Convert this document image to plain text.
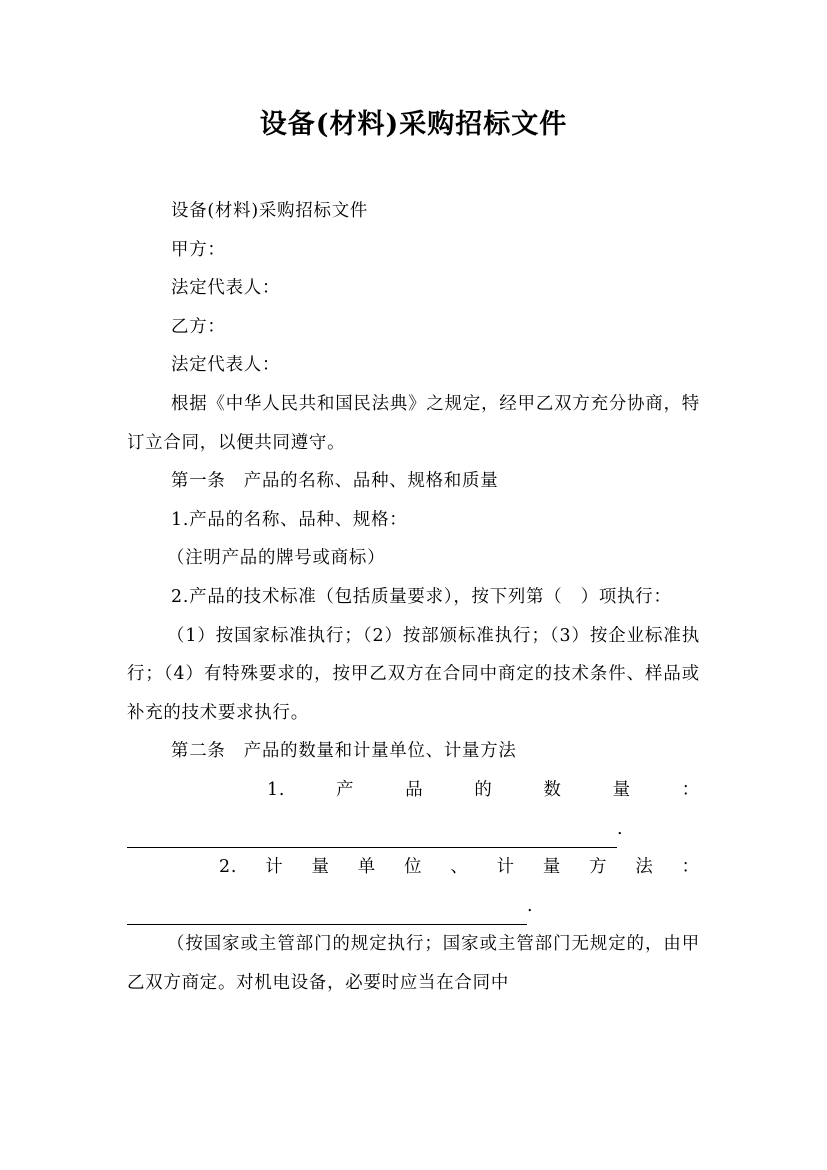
设备(材料)采购招标文件

设备(材料)采购招标文件

甲方：

法定代表人：

乙方：

法定代表人：

根据《中华人民共和国民法典》之规定，经甲乙双方充分协商，特订立合同，以便共同遵守。

第一条　产品的名称、品种、规格和质量

1.产品的名称、品种、规格：

（注明产品的牌号或商标）

2.产品的技术标准（包括质量要求），按下列第（　）项执行：

（1）按国家标准执行；（2）按部颁标准执行；（3）按企业标准执行；（4）有特殊要求的，按甲乙双方在合同中商定的技术条件、样品或补充的技术要求执行。

第二条　产品的数量和计量单位、计量方法

1.	产	品	的	数	量	：
.
2. 计 量 单 位 、 计 量 方 法 ：
.

（按国家或主管部门的规定执行；国家或主管部门无规定的，由甲乙双方商定。对机电设备，必要时应当在合同中
